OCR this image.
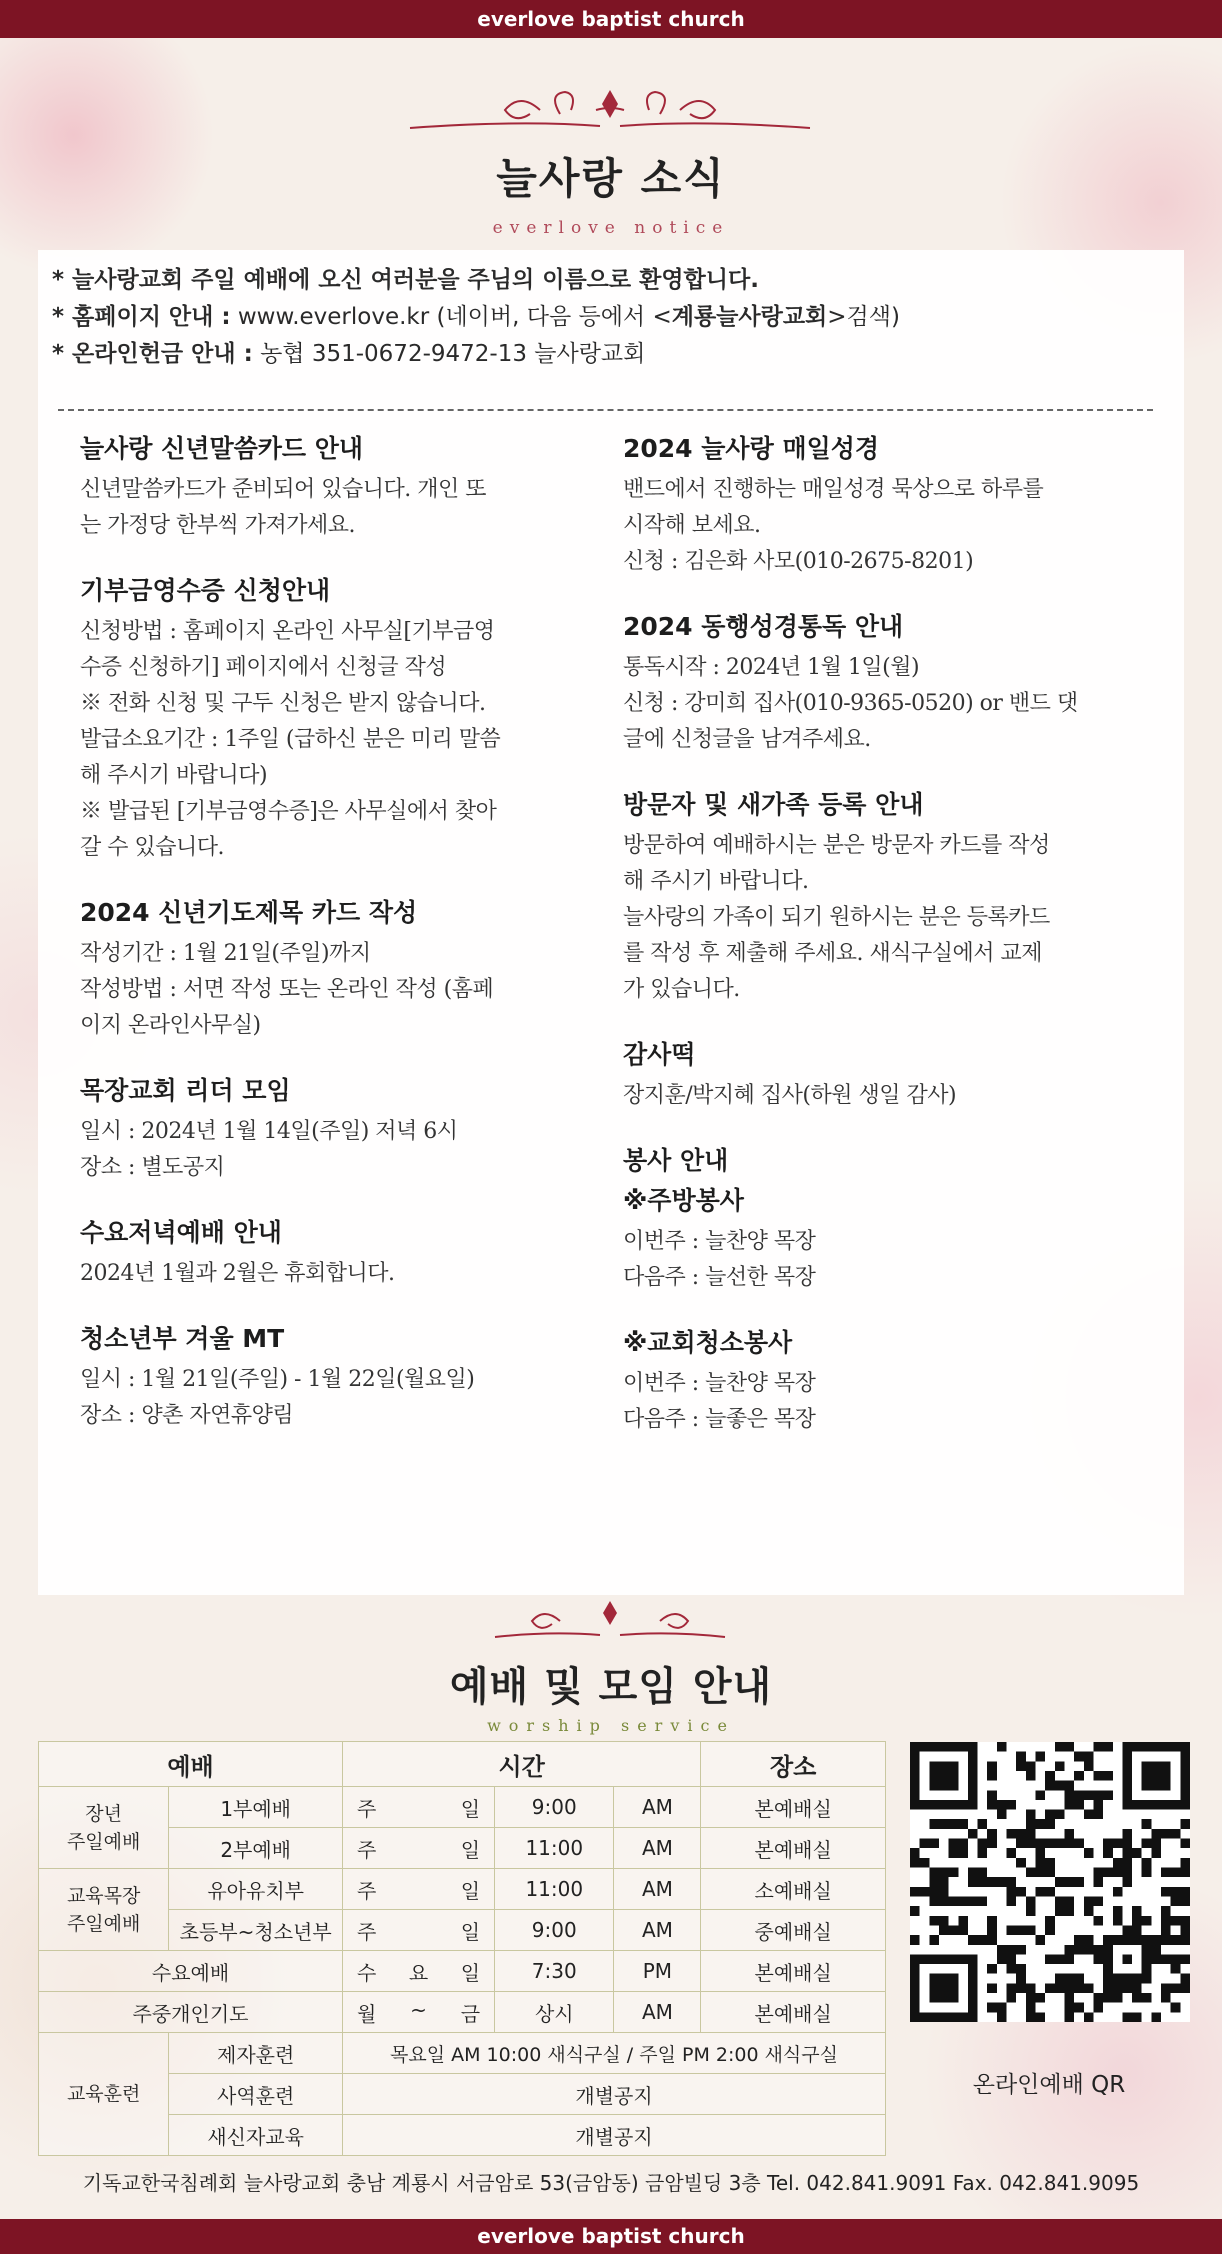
everlove baptist church
늘사랑 소식
everlove notice
* 늘사랑교회 주일 예배에 오신 여러분을 주님의 이름으로 환영합니다.
* 홈페이지 안내 : www.everlove.kr (네이버, 다음 등에서 <계룡늘사랑교회>검색)
* 온라인헌금 안내 : 농협 351-0672-9472-13 늘사랑교회
늘사랑 신년말씀카드 안내

신년말씀카드가 준비되어 있습니다. 개인 또

는 가정당 한부씩 가져가세요.

기부금영수증 신청안내

신청방법 : 홈페이지 온라인 사무실[기부금영

수증 신청하기] 페이지에서 신청글 작성

※ 전화 신청 및 구두 신청은 받지 않습니다.

발급소요기간 : 1주일 (급하신 분은 미리 말씀

해 주시기 바랍니다)

※ 발급된 [기부금영수증]은 사무실에서 찾아

갈 수 있습니다.

2024 신년기도제목 카드 작성

작성기간 : 1월 21일(주일)까지

작성방법 : 서면 작성 또는 온라인 작성 (홈페

이지 온라인사무실)

목장교회 리더 모임

일시 : 2024년 1월 14일(주일) 저녁 6시

장소 : 별도공지

수요저녁예배 안내

2024년 1월과 2월은 휴회합니다.

청소년부 겨울 MT

일시 : 1월 21일(주일) - 1월 22일(월요일)

장소 : 양촌 자연휴양림

2024 늘사랑 매일성경

밴드에서 진행하는 매일성경 묵상으로 하루를

시작해 보세요.

신청 : 김은화 사모(010-2675-8201)

2024 동행성경통독 안내

통독시작 : 2024년 1월 1일(월)

신청 : 강미희 집사(010-9365-0520) or 밴드 댓

글에 신청글을 남겨주세요.

방문자 및 새가족 등록 안내

방문하여 예배하시는 분은 방문자 카드를 작성

해 주시기 바랍니다.

늘사랑의 가족이 되기 원하시는 분은 등록카드

를 작성 후 제출해 주세요. 새식구실에서 교제

가 있습니다.

감사떡

장지훈/박지혜 집사(하원 생일 감사)

봉사 안내
※주방봉사

이번주 : 늘찬양 목장

다음주 : 늘선한 목장

※교회청소봉사

이번주 : 늘찬양 목장

다음주 : 늘좋은 목장

예배 및 모임 안내
worship service
예배		시간			장소
장년
주일예배	1부예배	주 일	9:00	AM	본예배실
	2부예배	주 일	11:00	AM	본예배실
교육목장
주일예배	유아유치부	주 일	11:00	AM	소예배실
	초등부~청소년부	주 일	9:00	AM	중예배실
수요예배		수 요 일	7:30	PM	본예배실
주중개인기도		월 ~ 금	상시	AM	본예배실
교육훈련	제자훈련	목요일 AM 10:00 새식구실 / 주일 PM 2:00 새식구실			
	사역훈련	개별공지			
	새신자교육	개별공지			
온라인예배 QR
기독교한국침례회 늘사랑교회 충남 계룡시 서금암로 53(금암동) 금암빌딩 3층 Tel. 042.841.9091 Fax. 042.841.9095
everlove baptist church
